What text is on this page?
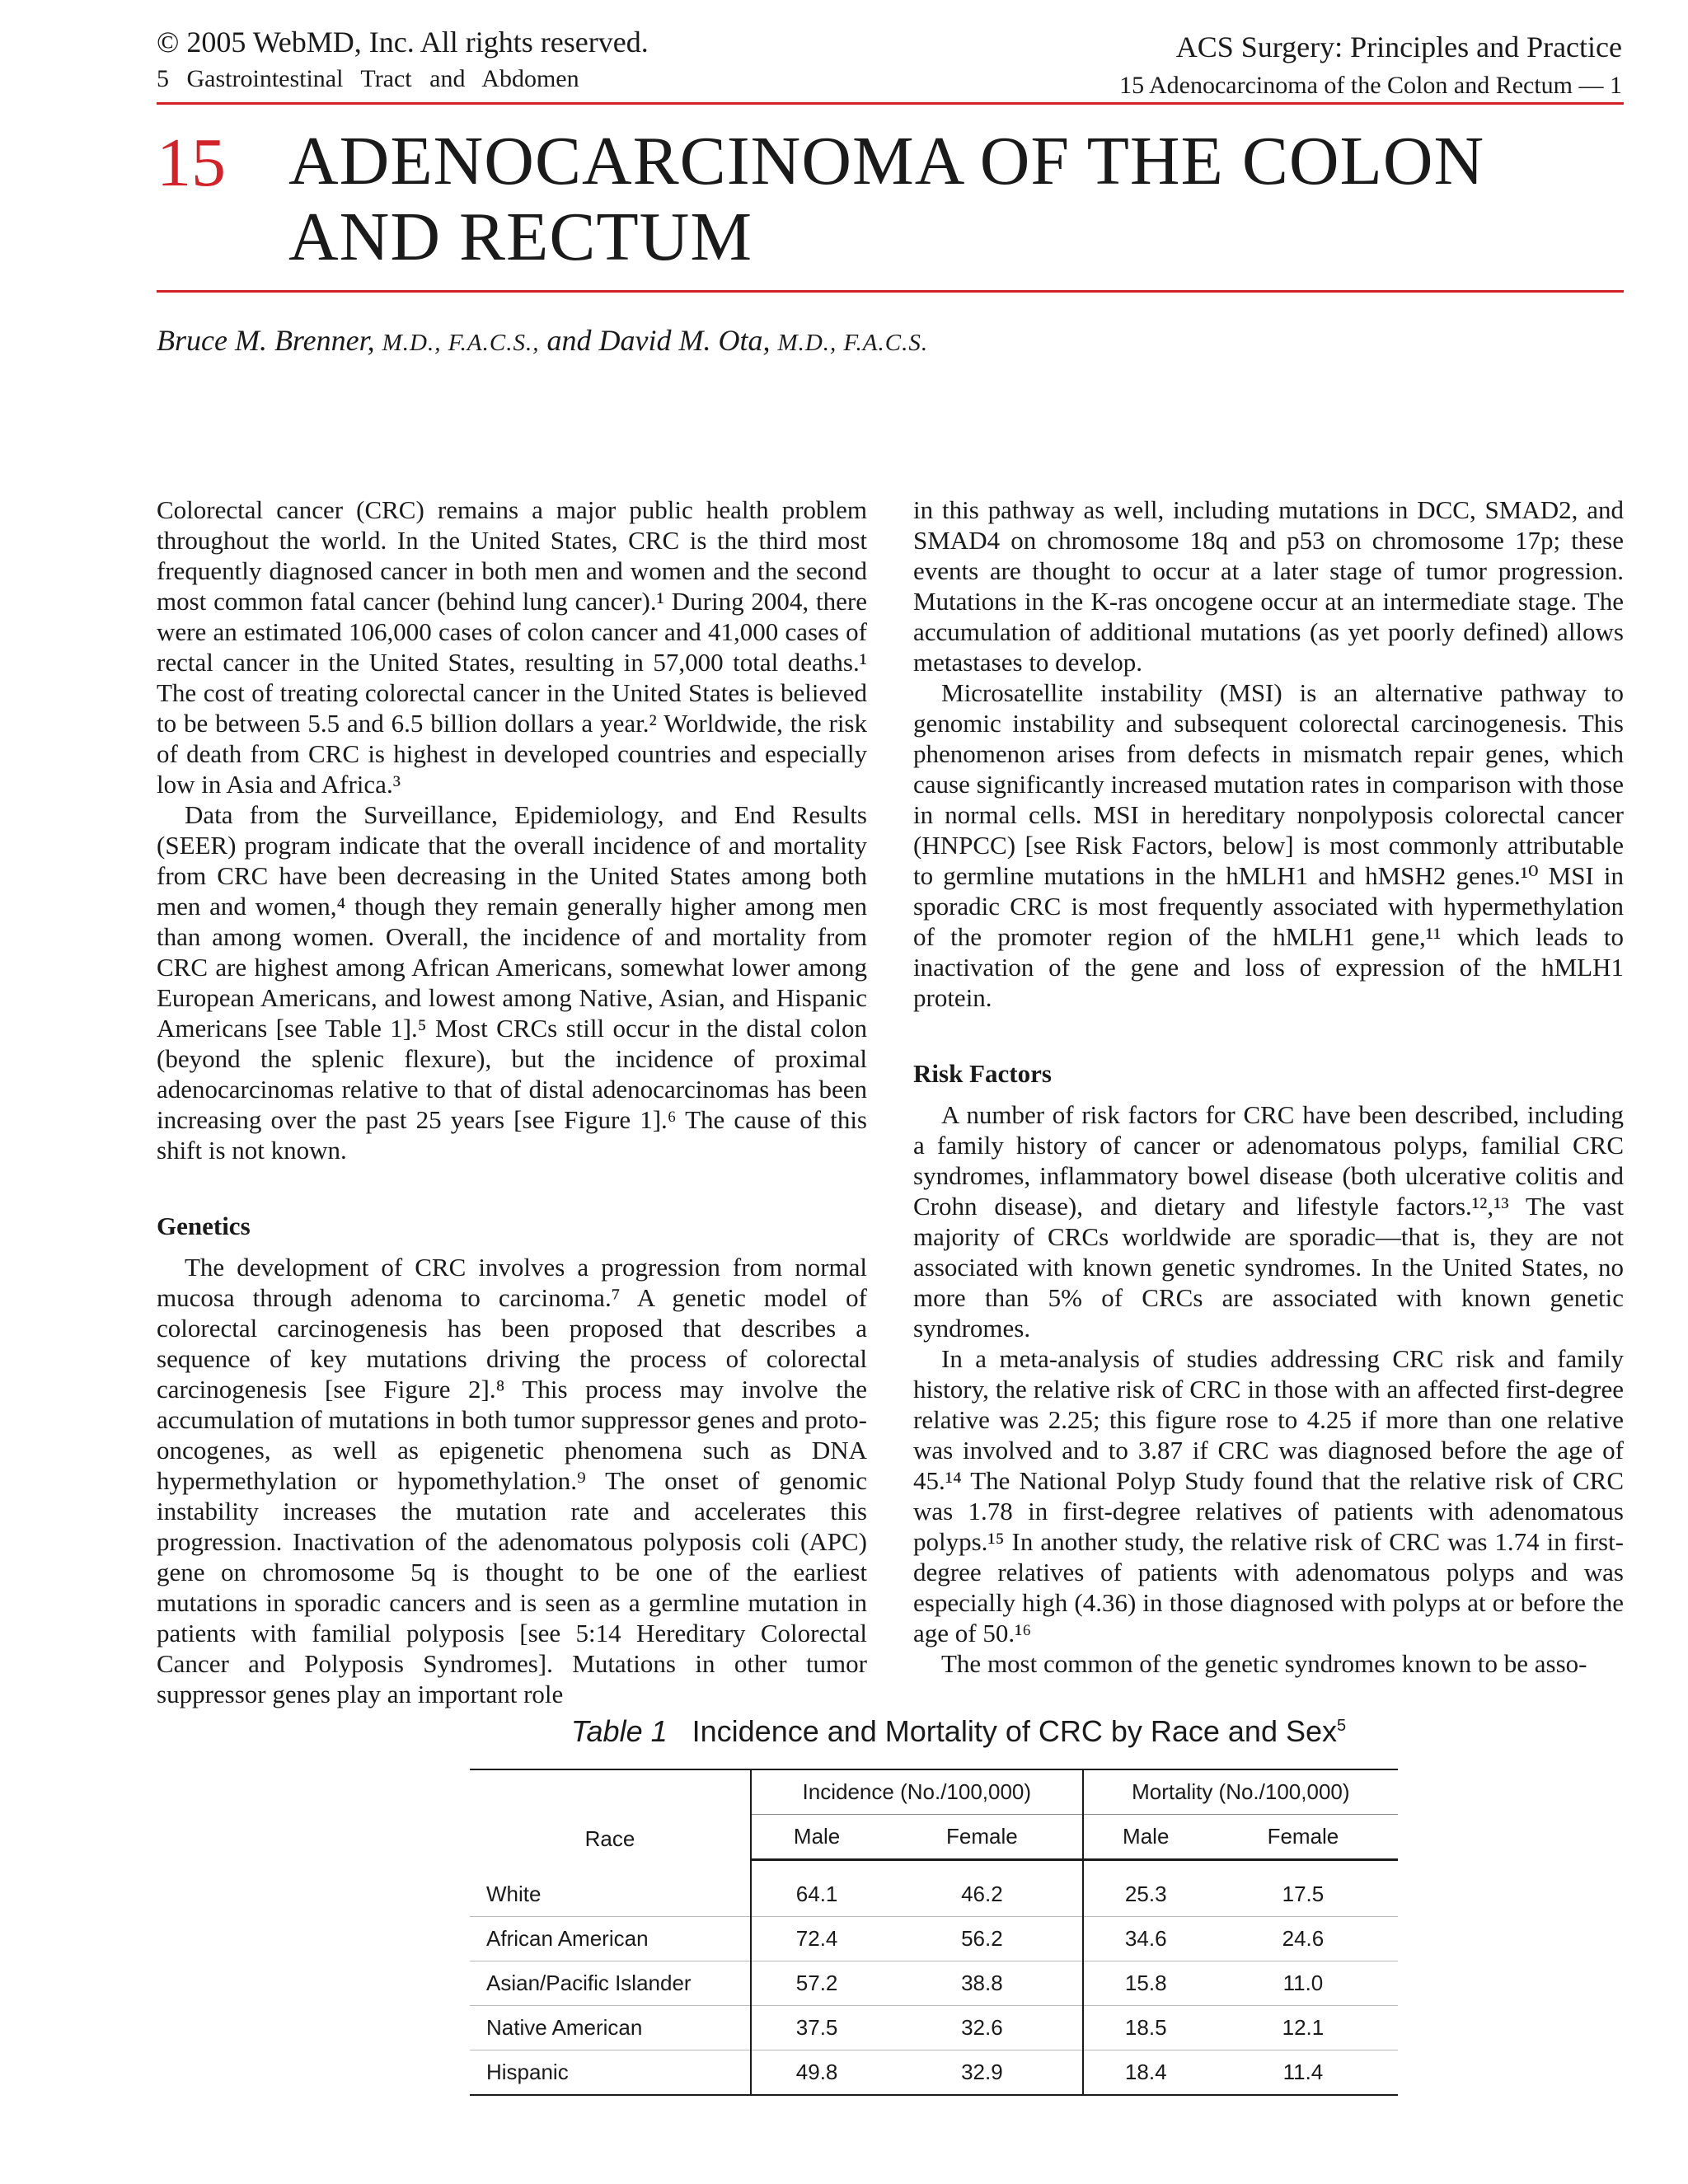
© 2005 WebMD, Inc. All rights reserved.
5 Gastrointestinal Tract and Abdomen
ACS Surgery: Principles and Practice
15 Adenocarcinoma of the Colon and Rectum — 1
15 ADENOCARCINOMA OF THE COLON AND RECTUM
Bruce M. Brenner, M.D., F.A.C.S., and David M. Ota, M.D., F.A.C.S.

Colorectal cancer (CRC) remains a major public health problem throughout the world. In the United States, CRC is the third most frequently diagnosed cancer in both men and women and the second most common fatal cancer (behind lung cancer).¹ During 2004, there were an estimated 106,000 cases of colon cancer and 41,000 cases of rectal cancer in the United States, resulting in 57,000 total deaths.¹ The cost of treating colorectal cancer in the United States is believed to be between 5.5 and 6.5 billion dollars a year.² Worldwide, the risk of death from CRC is highest in developed countries and especially low in Asia and Africa.³

Data from the Surveillance, Epidemiology, and End Results (SEER) program indicate that the overall incidence of and mortality from CRC have been decreasing in the United States among both men and women,⁴ though they remain generally higher among men than among women. Overall, the incidence of and mortality from CRC are highest among African Americans, somewhat lower among European Americans, and lowest among Native, Asian, and Hispanic Americans [see Table 1].⁵ Most CRCs still occur in the distal colon (beyond the splenic flexure), but the incidence of proximal adenocarcinomas relative to that of distal adenocarcinomas has been increasing over the past 25 years [see Figure 1].⁶ The cause of this shift is not known.

Genetics

The development of CRC involves a progression from normal mucosa through adenoma to carcinoma.⁷ A genetic model of colorectal carcinogenesis has been proposed that describes a sequence of key mutations driving the process of colorectal carcinogenesis [see Figure 2].⁸ This process may involve the accumulation of mutations in both tumor suppressor genes and proto-oncogenes, as well as epigenetic phenomena such as DNA hypermethylation or hypomethylation.⁹ The onset of genomic instability increases the mutation rate and accelerates this progression. Inactivation of the adenomatous polyposis coli (APC) gene on chromosome 5q is thought to be one of the earliest mutations in sporadic cancers and is seen as a germline mutation in patients with familial polyposis [see 5:14 Hereditary Colorectal Cancer and Polyposis Syndromes]. Mutations in other tumor suppressor genes play an important role

in this pathway as well, including mutations in DCC, SMAD2, and SMAD4 on chromosome 18q and p53 on chromosome 17p; these events are thought to occur at a later stage of tumor progression. Mutations in the K-ras oncogene occur at an intermediate stage. The accumulation of additional mutations (as yet poorly defined) allows metastases to develop.

Microsatellite instability (MSI) is an alternative pathway to genomic instability and subsequent colorectal carcinogenesis. This phenomenon arises from defects in mismatch repair genes, which cause significantly increased mutation rates in comparison with those in normal cells. MSI in hereditary nonpolyposis colorectal cancer (HNPCC) [see Risk Factors, below] is most commonly attributable to germline mutations in the hMLH1 and hMSH2 genes.¹⁰ MSI in sporadic CRC is most frequently associated with hypermethylation of the promoter region of the hMLH1 gene,¹¹ which leads to inactivation of the gene and loss of expression of the hMLH1 protein.

Risk Factors

A number of risk factors for CRC have been described, including a family history of cancer or adenomatous polyps, familial CRC syndromes, inflammatory bowel disease (both ulcerative colitis and Crohn disease), and dietary and lifestyle factors.¹²,¹³ The vast majority of CRCs worldwide are sporadic—that is, they are not associated with known genetic syndromes. In the United States, no more than 5% of CRCs are associated with known genetic syndromes.

In a meta-analysis of studies addressing CRC risk and family history, the relative risk of CRC in those with an affected first-degree relative was 2.25; this figure rose to 4.25 if more than one relative was involved and to 3.87 if CRC was diagnosed before the age of 45.¹⁴ The National Polyp Study found that the relative risk of CRC was 1.78 in first-degree relatives of patients with adenomatous polyps.¹⁵ In another study, the relative risk of CRC was 1.74 in first-degree relatives of patients with adenomatous polyps and was especially high (4.36) in those diagnosed with polyps at or before the age of 50.¹⁶

The most common of the genetic syndromes known to be asso-

Table 1 Incidence and Mortality of CRC by Race and Sex$^5$
Race	Incidence (No./100,000)		Mortality (No./100,000)	
	Male	Female	Male	Female

White	64.1	46.2	25.3	17.5
African American	72.4	56.2	34.6	24.6
Asian/Pacific Islander	57.2	38.8	15.8	11.0
Native American	37.5	32.6	18.5	12.1
Hispanic	49.8	32.9	18.4	11.4
